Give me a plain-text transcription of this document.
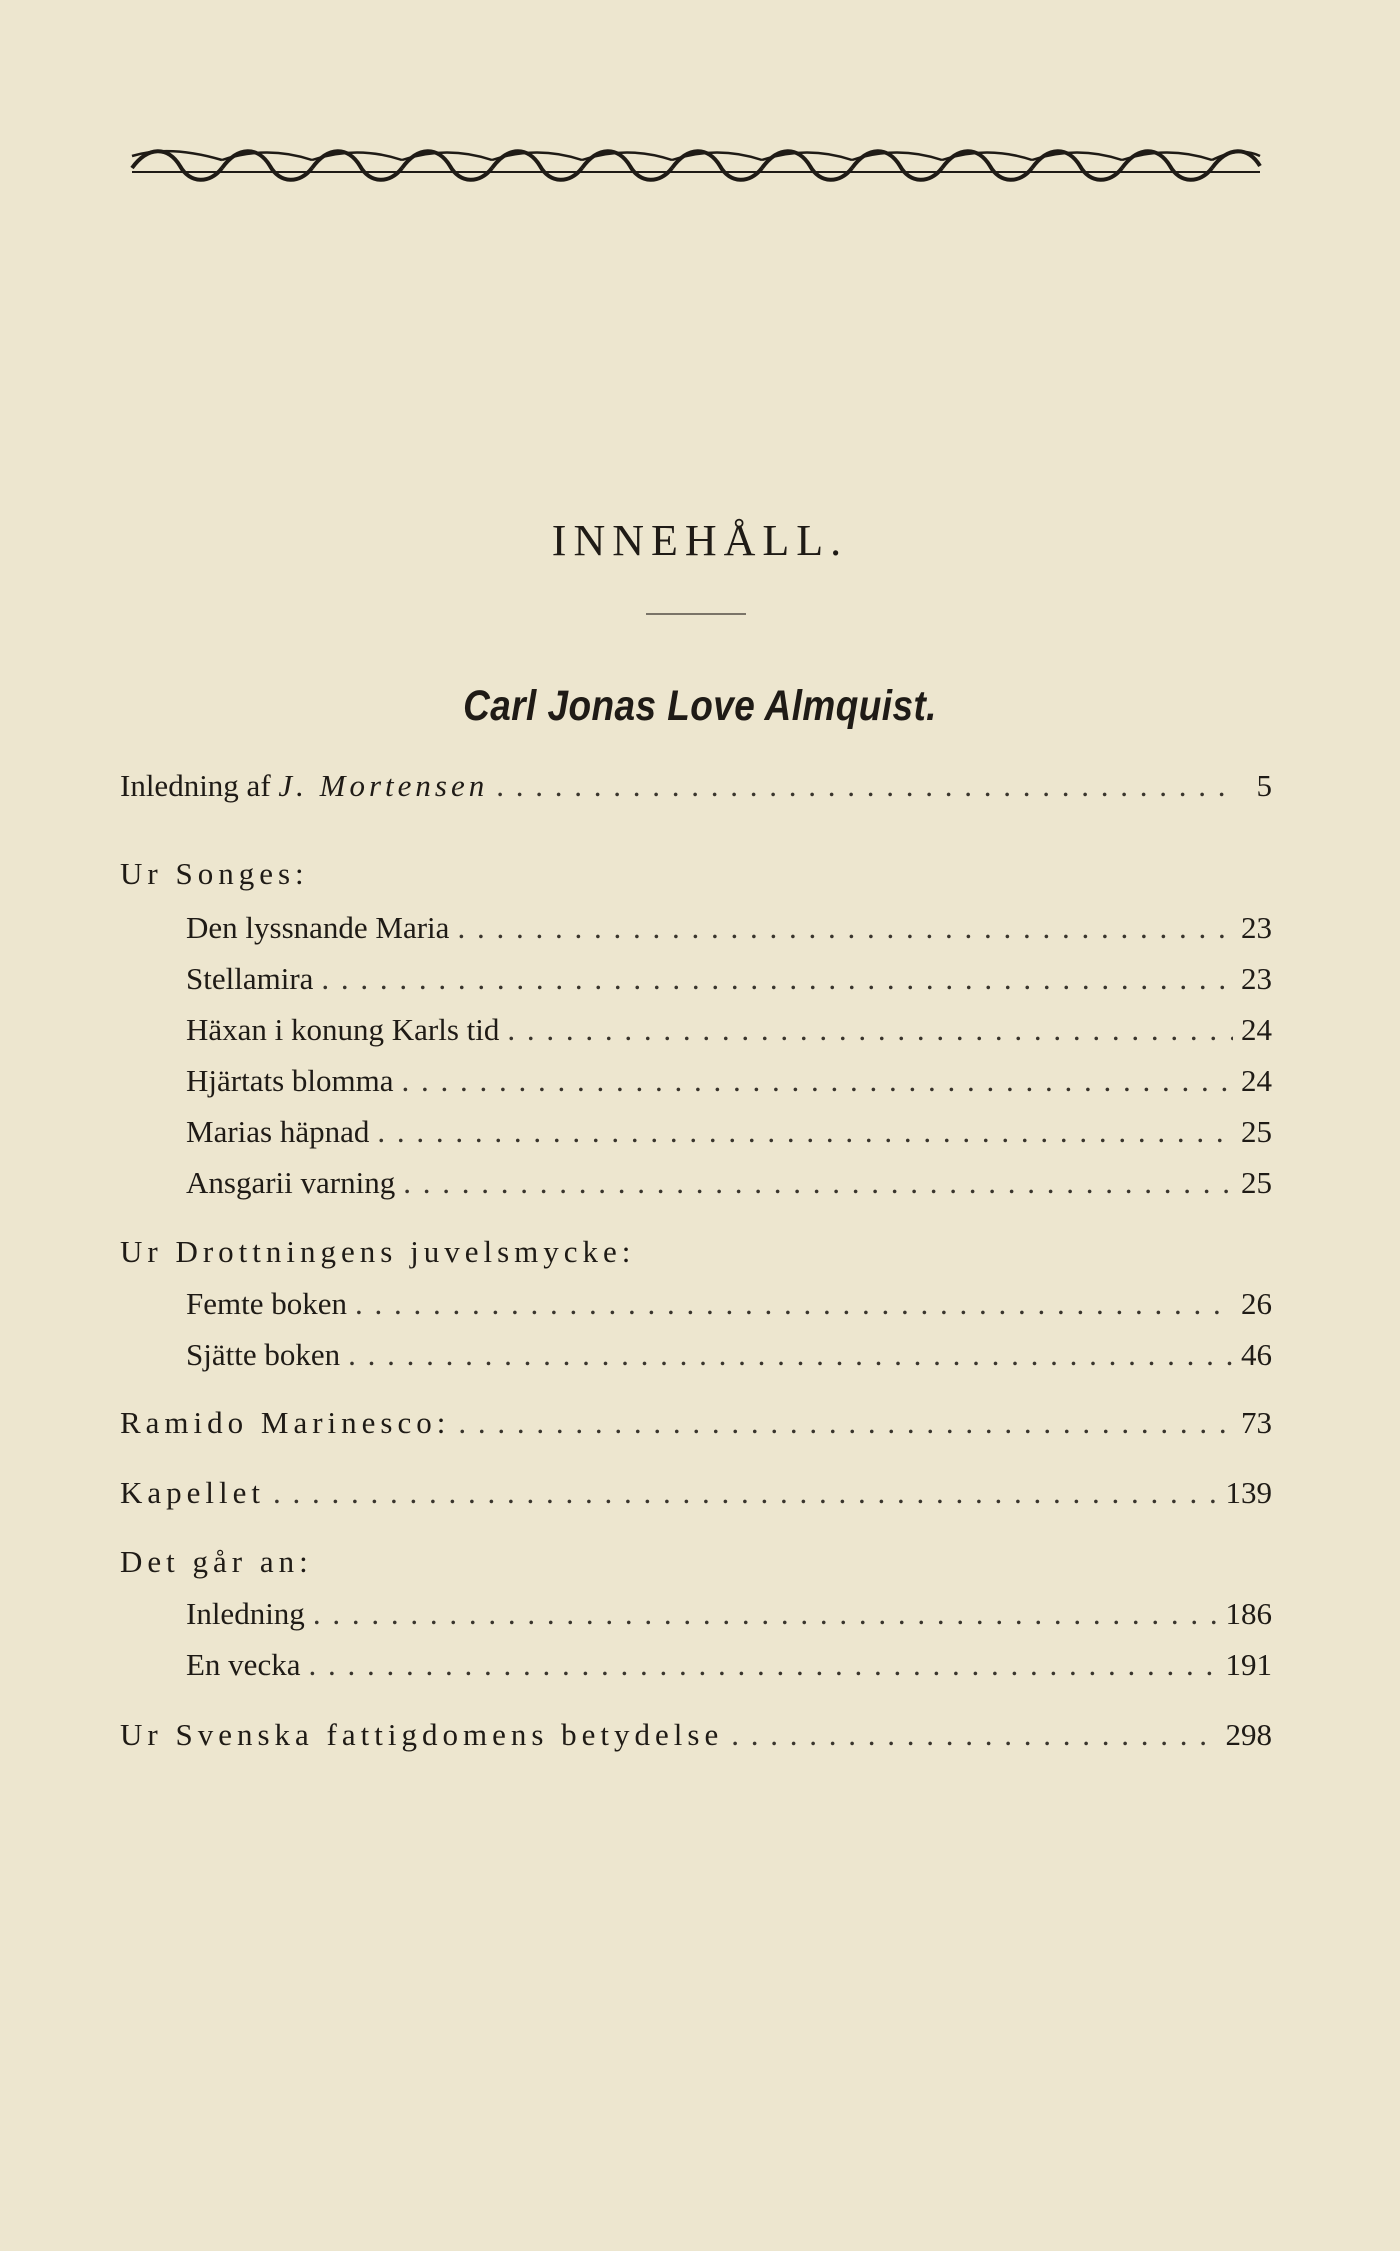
INNEHÅLL.
Carl Jonas Love Almquist.
Inledning af J. Mortensen . . .	5
Ur Songes:
Den lyssnande Maria . . .	23
Stellamira . . .	23
Häxan i konung Karls tid . . .	24
Hjärtats blomma . . .	24
Marias häpnad . . .	25
Ansgarii varning . . .	25
Ur Drottningens juvelsmycke:
Femte boken . . .	26
Sjätte boken . . .	46
Ramido Marinesco: . . .	73
Kapellet . . .	139
Det går an:
Inledning . . .	186
En vecka . . .	191
Ur Svenska fattigdomens betydelse . . .	298
